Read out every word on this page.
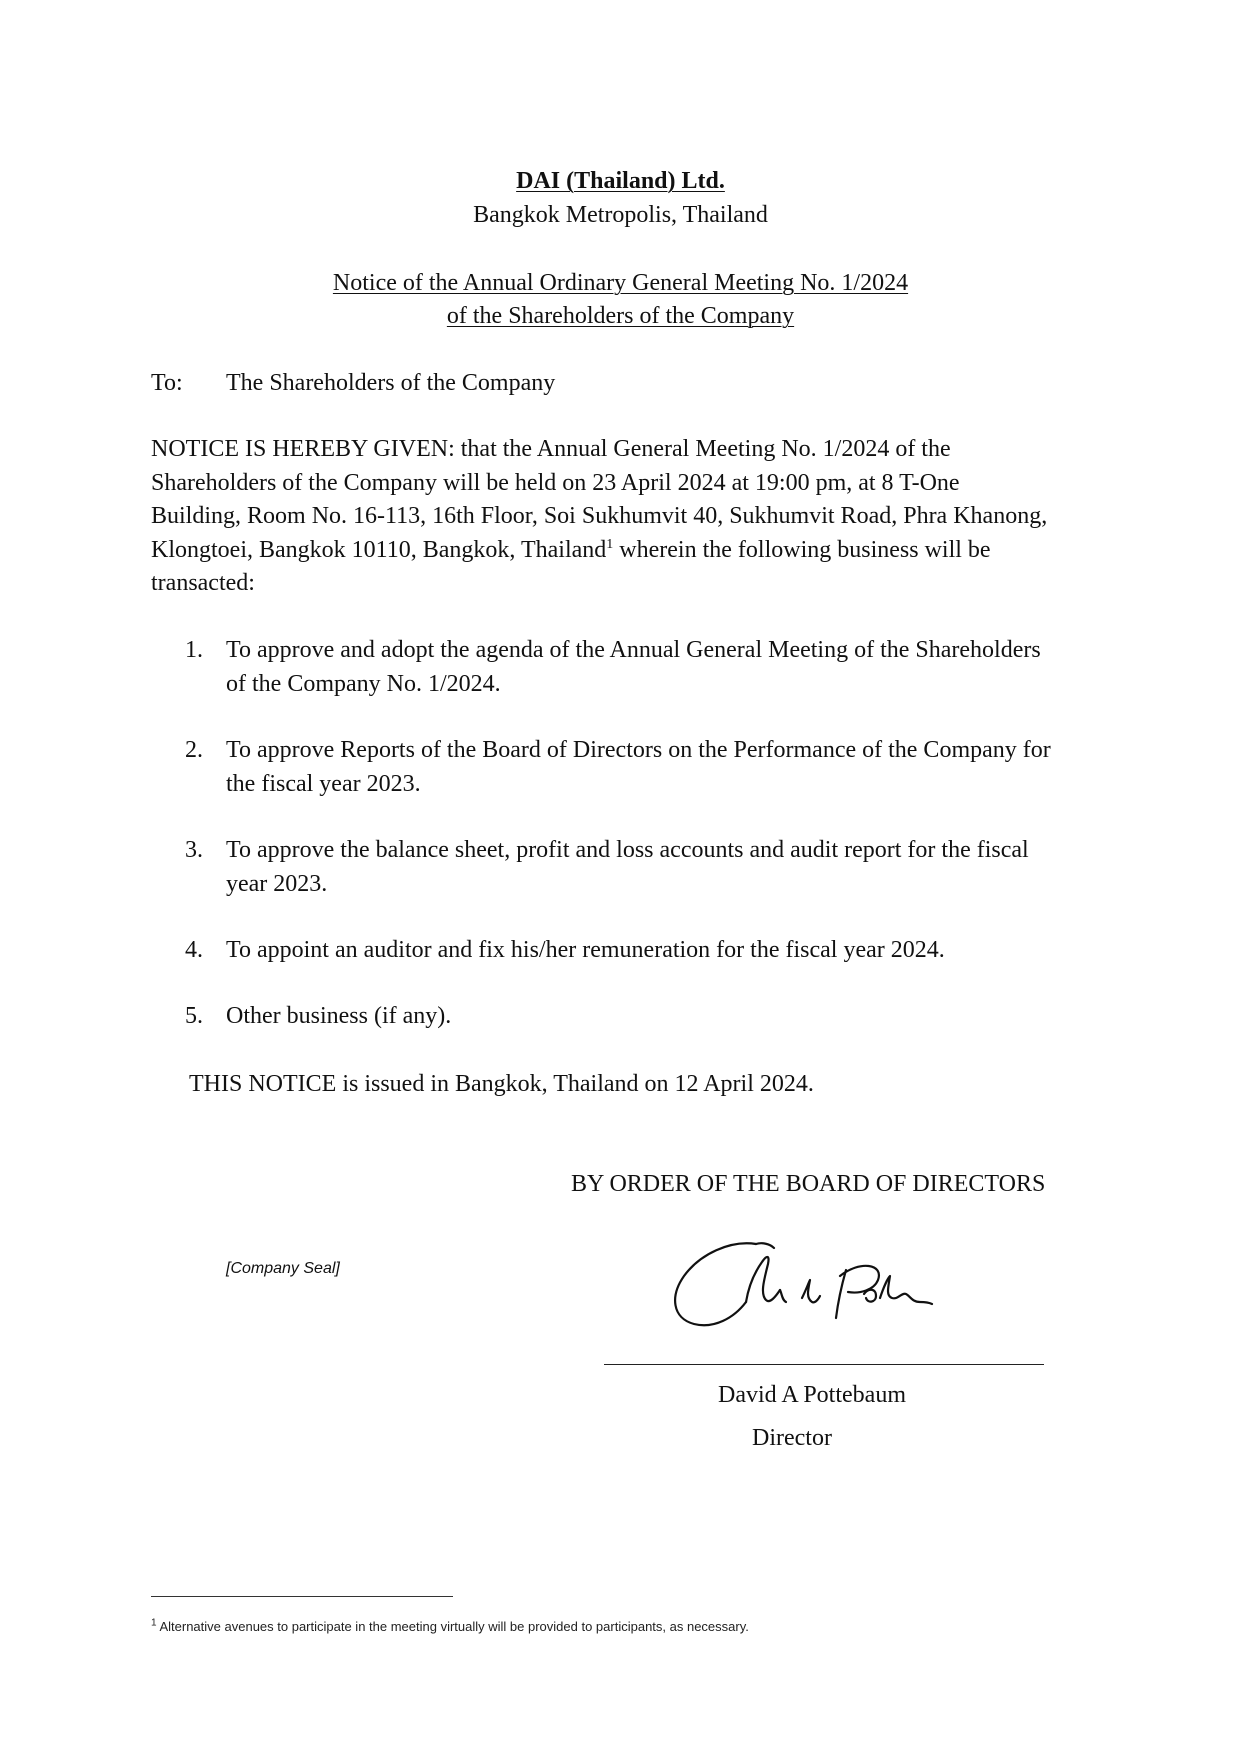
DAI (Thailand) Ltd.
Bangkok Metropolis, Thailand
Notice of the Annual Ordinary General Meeting No. 1/2024
of the Shareholders of the Company
To: The Shareholders of the Company
NOTICE IS HEREBY GIVEN: that the Annual General Meeting No. 1/2024 of the
Shareholders of the Company will be held on 23 April 2024 at 19:00 pm, at 8 T-One
Building, Room No. 16-113, 16th Floor, Soi Sukhumvit 40, Sukhumvit Road, Phra Khanong,
Klongtoei, Bangkok 10110, Bangkok, Thailand$^1$ wherein the following business will be
transacted:
1. To approve and adopt the agenda of the Annual General Meeting of the Shareholders
of the Company No. 1/2024.
2. To approve Reports of the Board of Directors on the Performance of the Company for
the fiscal year 2023.
3. To approve the balance sheet, profit and loss accounts and audit report for the fiscal
year 2023.
4. To appoint an auditor and fix his/her remuneration for the fiscal year 2024.
5. Other business (if any).
THIS NOTICE is issued in Bangkok, Thailand on 12 April 2024.
BY ORDER OF THE BOARD OF DIRECTORS
[Company Seal]
David A Pottebaum
Director
$^1$ Alternative avenues to participate in the meeting virtually will be provided to participants, as necessary.
